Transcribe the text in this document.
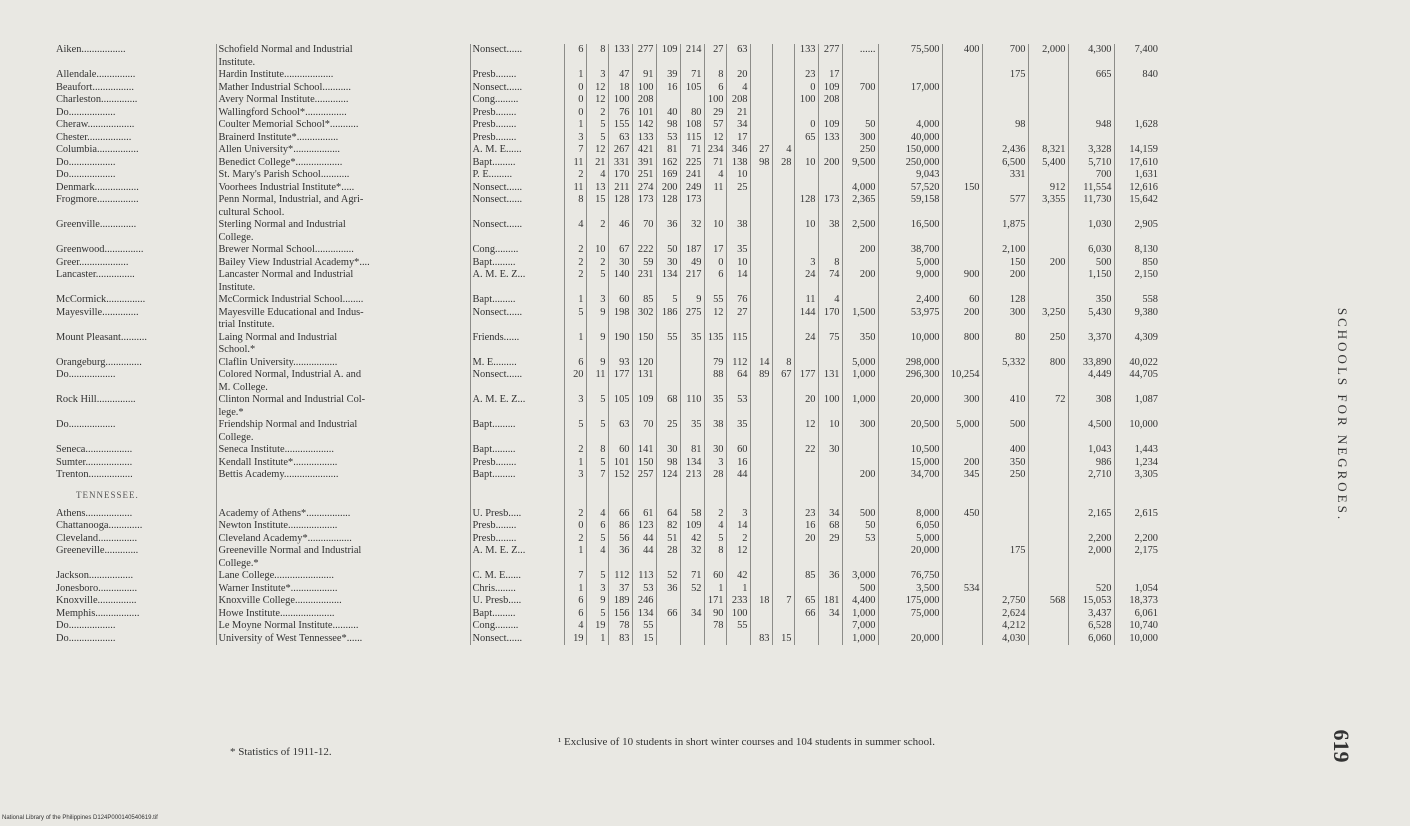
Aiken.................	Schofield Normal and Industrial	Nonsect......	6	8	133	277	109	214	27	63			133	277	......	75,500	400	700	2,000	4,300	7,400
	Institute.																				
Allendale...............	Hardin Institute...................	Presb........	1	3	47	91	39	71	8	20			23	17				175		665	840
Beaufort................	Mather Industrial School...........	Nonsect......	0	12	18	100	16	105	6	4			0	109	700	17,000					
Charleston..............	Avery Normal Institute.............	Cong.........	0	12	100	208			100	208			100	208							
Do..................	Wallingford School*................	Presb........	0	2	76	101	40	80	29	21											
Cheraw..................	Coulter Memorial School*...........	Presb........	1	5	155	142	98	108	57	34			0	109	50	4,000		98		948	1,628
Chester.................	Brainerd Institute*................	Presb........	3	5	63	133	53	115	12	17			65	133	300	40,000					
Columbia................	Allen University*..................	A. M. E......	7	12	267	421	81	71	234	346	27	4			250	150,000		2,436	8,321	3,328	14,159
Do..................	Benedict College*..................	Bapt.........	11	21	331	391	162	225	71	138	98	28	10	200	9,500	250,000		6,500	5,400	5,710	17,610
Do..................	St. Mary's Parish School...........	P. E.........	2	4	170	251	169	241	4	10						9,043		331		700	1,631
Denmark.................	Voorhees Industrial Institute*.....	Nonsect......	11	13	211	274	200	249	11	25					4,000	57,520	150		912	11,554	12,616
Frogmore................	Penn Normal, Industrial, and Agri-	Nonsect......	8	15	128	173	128	173					128	173	2,365	59,158		577	3,355	11,730	15,642
	cultural School.																				
Greenville..............	Sterling Normal and Industrial	Nonsect......	4	2	46	70	36	32	10	38			10	38	2,500	16,500		1,875		1,030	2,905
	College.																				
Greenwood...............	Brewer Normal School...............	Cong.........	2	10	67	222	50	187	17	35					200	38,700		2,100		6,030	8,130
Greer...................	Bailey View Industrial Academy*....	Bapt.........	2	2	30	59	30	49	0	10			3	8		5,000		150	200	500	850
Lancaster...............	Lancaster Normal and Industrial	A. M. E. Z...	2	5	140	231	134	217	6	14			24	74	200	9,000	900	200		1,150	2,150
	Institute.																				
McCormick...............	McCormick Industrial School........	Bapt.........	1	3	60	85	5	9	55	76			11	4		2,400	60	128		350	558
Mayesville..............	Mayesville Educational and Indus-	Nonsect......	5	9	198	302	186	275	12	27			144	170	1,500	53,975	200	300	3,250	5,430	9,380
	trial Institute.																				
Mount Pleasant..........	Laing Normal and Industrial	Friends......	1	9	190	150	55	35	135	115			24	75	350	10,000	800	80	250	3,370	4,309
	School.*																				
Orangeburg..............	Claflin University.................	M. E.........	6	9	93	120			79	112	14	8			5,000	298,000		5,332	800	33,890	40,022
Do..................	Colored Normal, Industrial A. and	Nonsect......	20	11	177	131			88	64	89	67	177	131	1,000	296,300	10,254			4,449	44,705
	M. College.																				
Rock Hill...............	Clinton Normal and Industrial Col-	A. M. E. Z...	3	5	105	109	68	110	35	53			20	100	1,000	20,000	300	410	72	308	1,087
	lege.*																				
Do..................	Friendship Normal and Industrial	Bapt.........	5	5	63	70	25	35	38	35			12	10	300	20,500	5,000	500		4,500	10,000
	College.																				
Seneca..................	Seneca Institute...................	Bapt.........	2	8	60	141	30	81	30	60			22	30		10,500		400		1,043	1,443
Sumter..................	Kendall Institute*.................	Presb........	1	5	101	150	98	134	3	16						15,000	200	350		986	1,234
Trenton.................	Bettis Academy.....................	Bapt.........	3	7	152	257	124	213	28	44					200	34,700	345	250		2,710	3,305
TENNESSEE.																					
Athens..................	Academy of Athens*.................	U. Presb.....	2	4	66	61	64	58	2	3			23	34	500	8,000	450			2,165	2,615
Chattanooga.............	Newton Institute...................	Presb........	0	6	86	123	82	109	4	14			16	68	50	6,050					
Cleveland...............	Cleveland Academy*.................	Presb........	2	5	56	44	51	42	5	2			20	29	53	5,000				2,200	2,200
Greeneville.............	Greeneville Normal and Industrial	A. M. E. Z...	1	4	36	44	28	32	8	12						20,000		175		2,000	2,175
	College.*																				
Jackson.................	Lane College.......................	C. M. E......	7	5	112	113	52	71	60	42			85	36	3,000	76,750					
Jonesboro...............	Warner Institute*..................	Chris........	1	3	37	53	36	52	1	1					500	3,500	534			520	1,054
Knoxville...............	Knoxville College..................	U. Presb.....	6	9	189	246			171	233	18	7	65	181	4,400	175,000		2,750	568	15,053	18,373
Memphis.................	Howe Institute.....................	Bapt.........	6	5	156	134	66	34	90	100			66	34	1,000	75,000		2,624		3,437	6,061
Do..................	Le Moyne Normal Institute..........	Cong.........	4	19	78	55			78	55					7,000			4,212		6,528	10,740
Do..................	University of West Tennessee*......	Nonsect......	19	1	83	15					83	15			1,000	20,000		4,030		6,060	10,000
SCHOOLS FOR NEGROES.
619
* Statistics of 1911-12.
¹ Exclusive of 10 students in short winter courses and 104 students in summer school.
National Library of the Philippines D124P000140540619.tif
